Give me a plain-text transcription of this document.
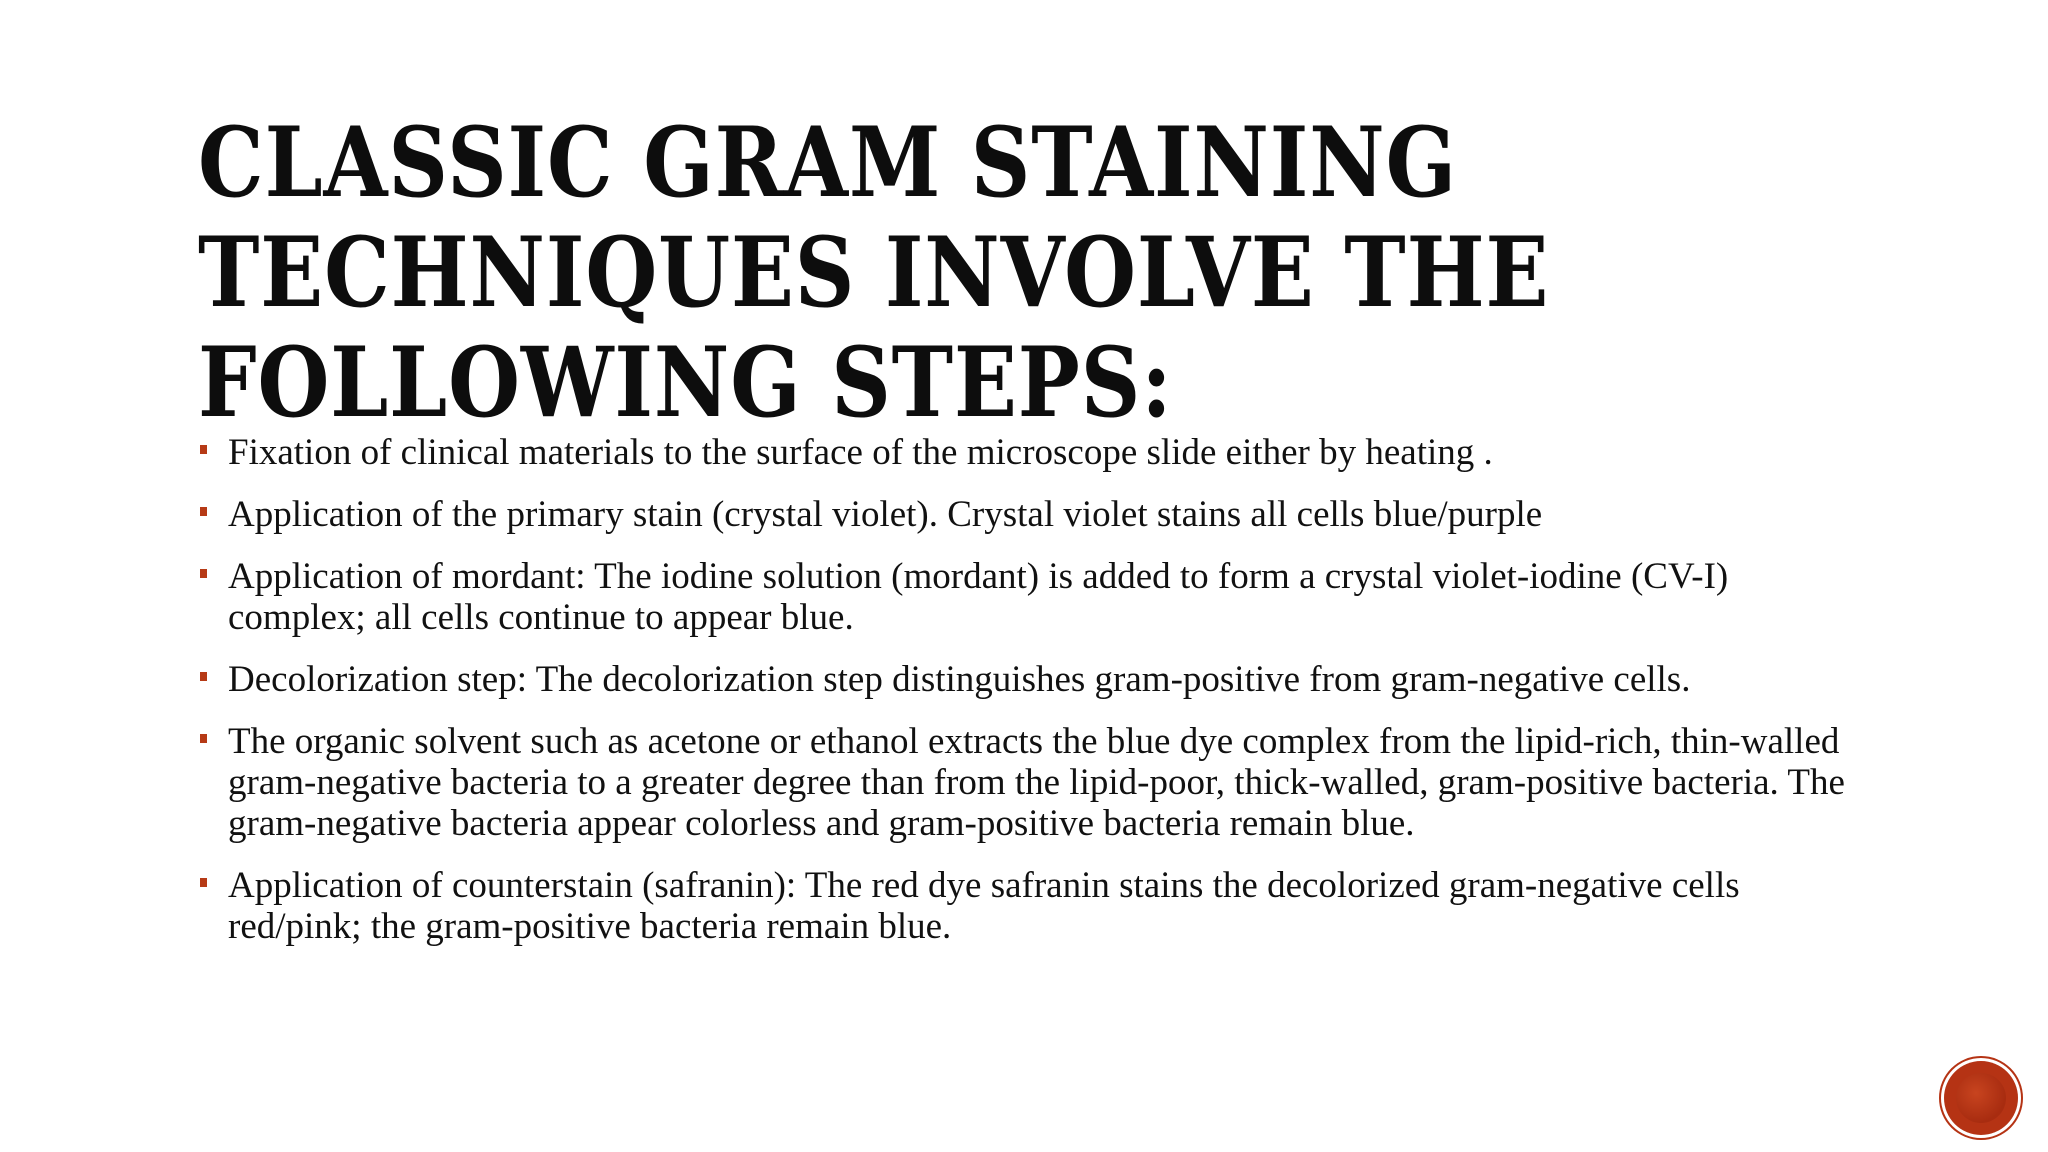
CLASSIC GRAM STAINING TECHNIQUES INVOLVE THE FOLLOWING STEPS:
Fixation of clinical materials to the surface of the microscope slide either by heating .
Application of the primary stain (crystal violet). Crystal violet stains all cells blue/purple
Application of mordant: The iodine solution (mordant) is added to form a crystal violet-iodine (CV-I) complex; all cells continue to appear blue.
Decolorization step: The decolorization step distinguishes gram-positive from gram-negative cells.
The organic solvent such as acetone or ethanol extracts the blue dye complex from the lipid-rich, thin-walled gram-negative bacteria to a greater degree than from the lipid-poor, thick-walled, gram-positive bacteria. The gram-negative bacteria appear colorless and gram-positive bacteria remain blue.
Application of counterstain (safranin): The red dye safranin stains the decolorized gram-negative cells red/pink; the gram-positive bacteria remain blue.
